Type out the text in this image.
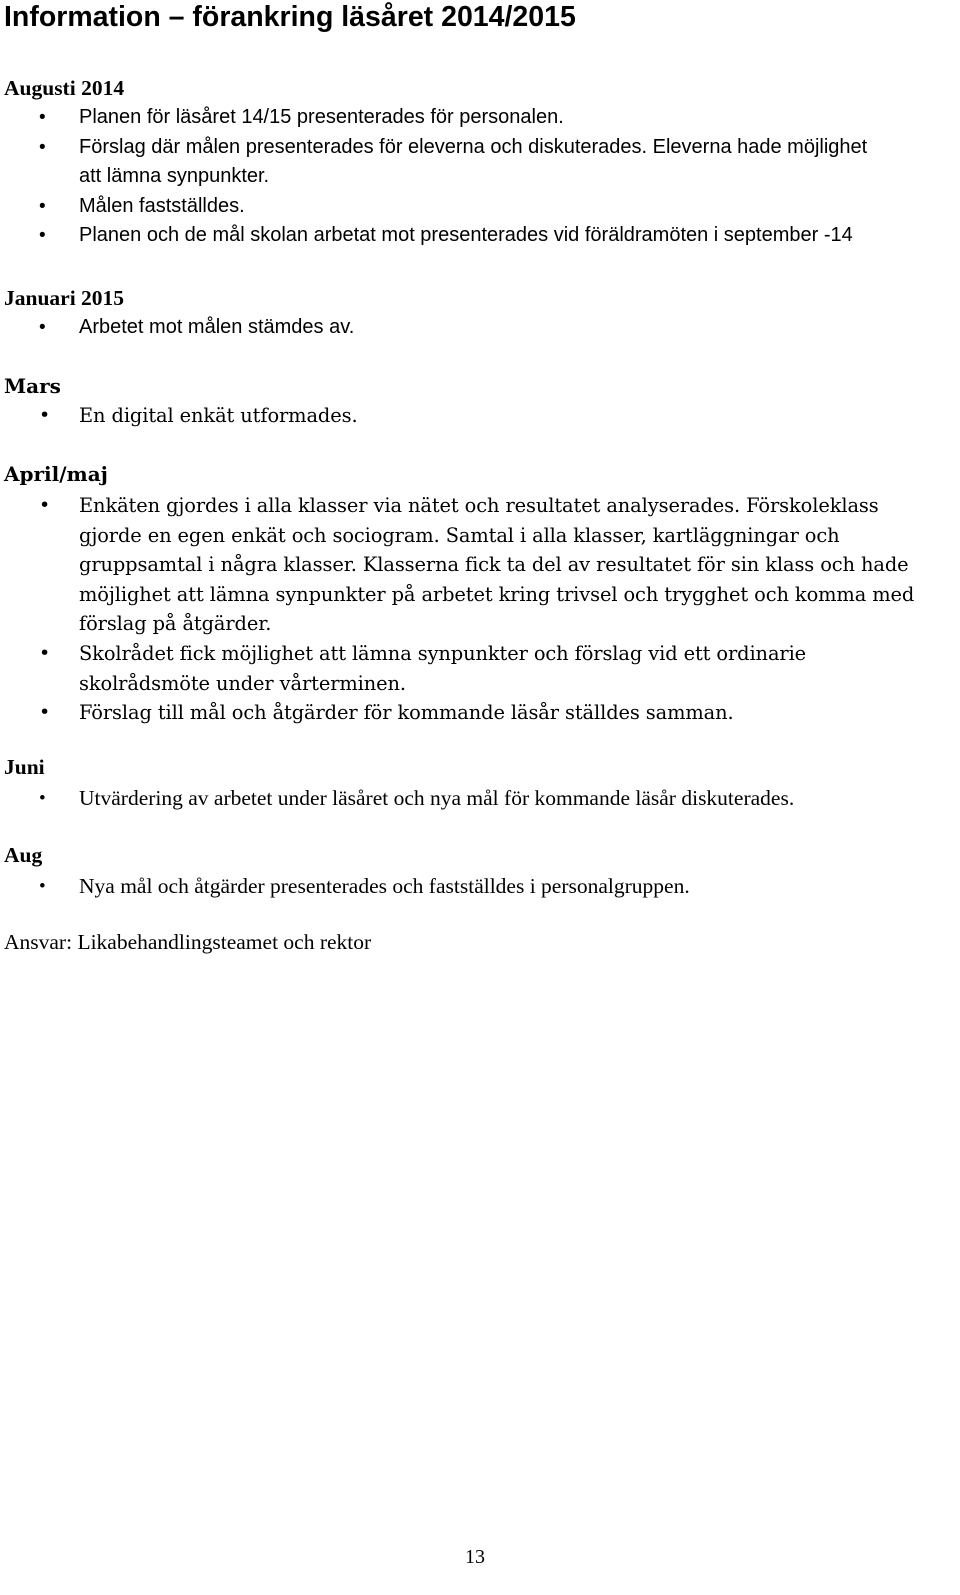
Information – förankring läsåret 2014/2015
Augusti 2014
• Planen för läsåret 14/15 presenterades för personalen.
• Förslag där målen presenterades för eleverna och diskuterades. Eleverna hade möjlighet att lämna synpunkter.
• Målen fastställdes.
• Planen och de mål skolan arbetat mot presenterades vid föräldramöten i september -14
Januari 2015
• Arbetet mot målen stämdes av.
Mars
• En digital enkät utformades.
April/maj
• Enkäten gjordes i alla klasser via nätet och resultatet analyserades. Förskoleklass gjorde en egen enkät och sociogram. Samtal i alla klasser, kartläggningar och gruppsamtal i några klasser. Klasserna fick ta del av resultatet för sin klass och hade möjlighet att lämna synpunkter på arbetet kring trivsel och trygghet och komma med förslag på åtgärder.
• Skolrådet fick möjlighet att lämna synpunkter och förslag vid ett ordinarie skolrådsmöte under vårterminen.
• Förslag till mål och åtgärder för kommande läsår ställdes samman.
Juni
• Utvärdering av arbetet under läsåret och nya mål för kommande läsår diskuterades.
Aug
• Nya mål och åtgärder presenterades och fastställdes i personalgruppen.

Ansvar: Likabehandlingsteamet och rektor

13
